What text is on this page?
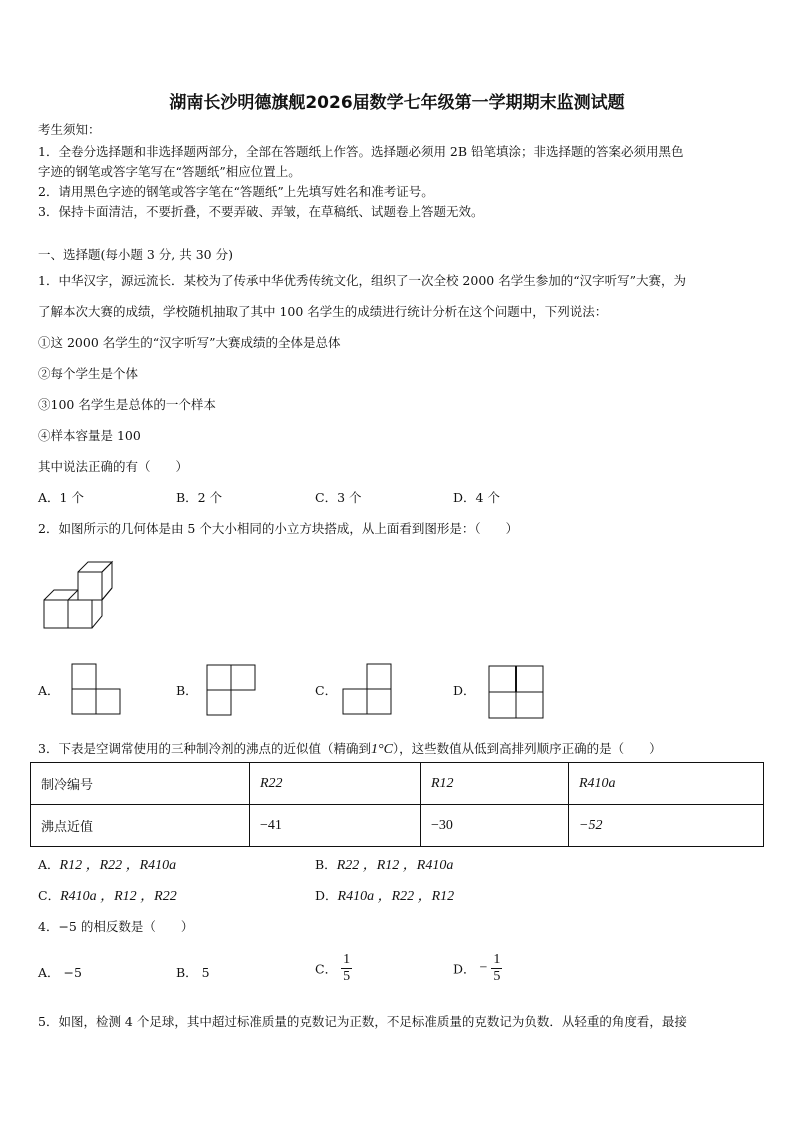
湖南长沙明德旗舰2026届数学七年级第一学期期末监测试题
考生须知：
1．全卷分选择题和非选择题两部分，全部在答题纸上作答。选择题必须用 2B 铅笔填涂；非选择题的答案必须用黑色
字迹的钢笔或答字笔写在“答题纸”相应位置上。
2．请用黑色字迹的钢笔或答字笔在“答题纸”上先填写姓名和准考证号。
3．保持卡面清洁，不要折叠，不要弄破、弄皱，在草稿纸、试题卷上答题无效。
一、选择题(每小题 3 分, 共 30 分)
1．中华汉字，源远流长．某校为了传承中华优秀传统文化，组织了一次全校 2000 名学生参加的“汉字听写”大赛，为
了解本次大赛的成绩，学校随机抽取了其中 100 名学生的成绩进行统计分析在这个问题中，下列说法：
①这 2000 名学生的“汉字听写”大赛成绩的全体是总体
②每个学生是个体
③100 名学生是总体的一个样本
④样本容量是 100
其中说法正确的有（　　）
A．1 个	B．2 个	C．3 个	D．4 个
2．如图所示的几何体是由 5 个大小相同的小立方块搭成，从上面看到图形是：（　　）
A．	B．	C．	D．
3．下表是空调常使用的三种制冷剂的沸点的近似值（精确到1°C），这些数值从低到高排列顺序正确的是（　　）
制冷编号	R22	R12	R410a
沸点近值	−41	−30	−52
A．R12 ，R22 ，R410a	B．R22 ，R12 ，R410a
C．R410a ，R12 ，R22	D．R410a ，R22 ，R12
4．−5 的相反数是（　　）
A． −5	B． 5	C． $\frac{1}{5}$	D． − $\frac{1}{5}$
5．如图，检测 4 个足球，其中超过标准质量的克数记为正数，不足标准质量的克数记为负数．从轻重的角度看，最接
